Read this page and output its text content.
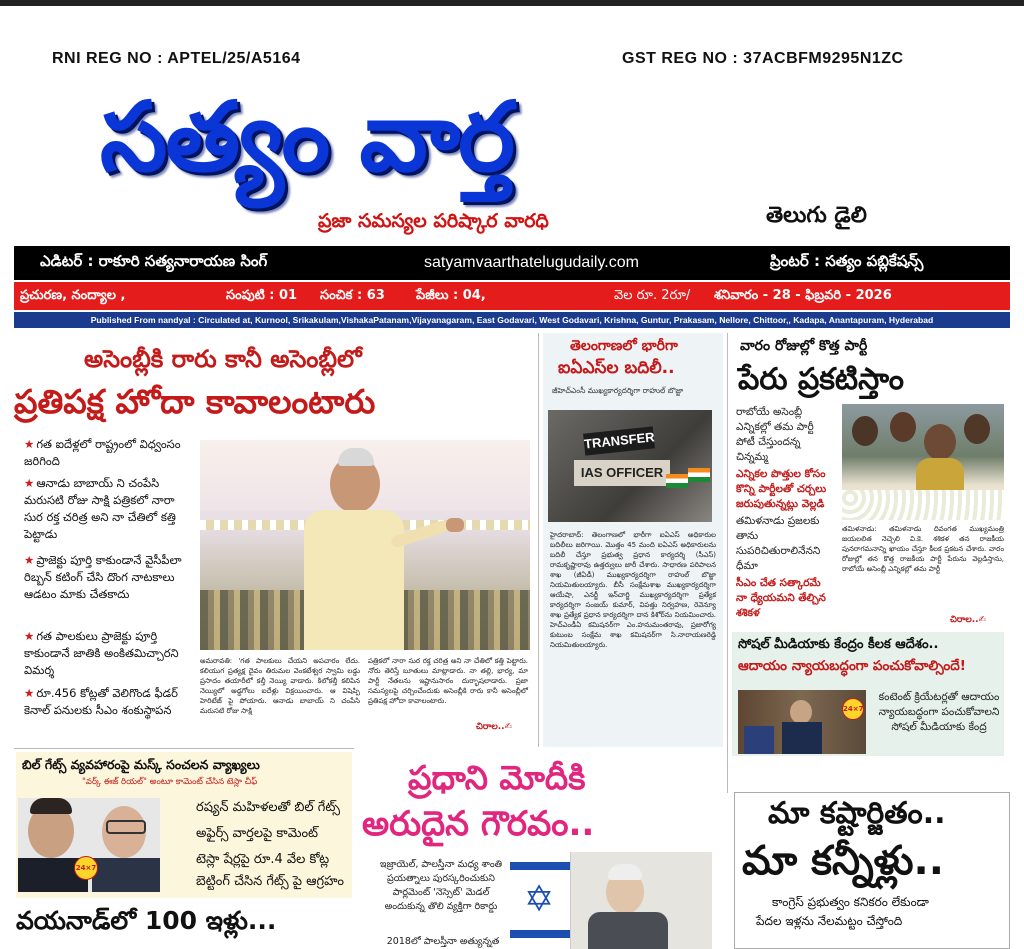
RNI REG NO : APTEL/25/A5164	GST REG NO : 37ACBFM9295N1ZC
సత్యం వార్త
ప్రజా సమస్యల పరిష్కార వారధి	తెలుగు డైలి
ఎడిటర్ : రాకూరి సత్యనారాయణ సింగ్	satyamvaarthatelugudaily.com	ప్రింటర్ : సత్యం పబ్లికేషన్స్
ప్రచురణ, నంద్యాల ,	సంపుటి : 01 సంచిక : 63 పేజీలు : 04,	వెల రూ. 2రూ/ శనివారం - 28 - ఫిబ్రవరి - 2026
Published From nandyal : Circulated at, Kurnool, Srikakulam,VishakaPatanam,Vijayanagaram, East Godavari, West Godavari, Krishna, Guntur, Prakasam, Nellore, Chittoor,, Kadapa, Anantapuram, Hyderabad
అసెంబ్లీకి రారు కానీ అసెంబ్లీలో
ప్రతిపక్ష హోదా కావాలంటారు
★ గత ఐదేళ్లలో రాష్ట్రంలో విధ్వంసం జరిగింది
★ ఆనాడు బాబాయ్ ని చంపేసి మరుసటి రోజు సాక్షి పత్రికలో నారా సుర రక్త చరిత్ర అని నా చేతిలో కత్తి పెట్టాడు
★ ప్రాజెక్టు పూర్తి కాకుండానే వైసీపీలా రిబ్బన్ కటింగ్ చేసి దొంగ నాటకాలు ఆడటం మాకు చేతకాదు
★ గత పాలకులు ప్రాజెక్టు పూర్తి కాకుండానే జాతికి అంకితమిచ్చారని విమర్శ
★ రూ.456 కోట్లతో వెలిగొండ ఫీడర్ కెనాల్ పనులకు సీఎం శంకుస్థాపన
అమరావతి: 'గత పాలకులు చేయని అపచారం లేదు. కలియుగ ప్రత్యక్ష దైవం తిరుమల వెంకటేశ్వర స్వామి లడ్డు ప్రసాదం తయారీలో కల్తీ నెయ్యి వాడారు. కిలోకల్తీ కలిపిన నెయ్యిలో అడ్డగోలు ఐదేళ్లు విక్రయించారు. ఆ విషెప్పి హెరిటేజ్ పై పోయారు. ఆనాడు బాబాయ్ ని చంపేసి మరుసటి రోజు సాక్షి
పత్రికలో నారా సుర రక్త చరిత్ర అని నా చేతిలో కత్తి పెట్టారు. నోరు తెరిస్తే బూతులు మాట్లాడారు. నా తల్లి, భార్య, మా పార్టీ నేతలను ఇష్టానుసారం దుర్భాషలాడారు. ప్రజా సమస్యలపై చర్చించేందుకు అసెంబ్లీకి రారు కానీ అసెంబ్లీలో ప్రతిపక్ష హోదా కావాలంటారు.
చిరాల..✍
తెలంగాణలో భారీగా
ఐఏఎస్‌ల బదిలీ..
జీహెచ్ఎంసీ ముఖ్యకార్యదర్శిగా రాహుల్ బొజ్జా
TRANSFER
IAS OFFICER
హైదరాబాద్: తెలంగాణలో భారీగా ఐఏఎస్ అధికారుల బదిలీలు జరిగాయి. మొత్తం 45 మంది ఐఏఎస్ అధికారులను బదిలీ చేస్తూ ప్రభుత్వ ప్రధాన కార్యదర్శి (సీఎస్) రామకృష్ణారావు ఉత్తర్వులు జారీ చేశారు. సాధారణ పరిపాలన శాఖ (జీఏడీ) ముఖ్యకార్యదర్శిగా రాహుల్ బొజ్జా నియమితులయ్యారు. బీసీ సంక్షేమశాఖ ముఖ్యకార్యదర్శిగా ఆయేషా, ఎనర్జీ ఇన్‌చార్జి ముఖ్యకార్యదర్శిగా ప్రత్యేక కార్యదర్శిగా సంజయ్ కుమార్, విపత్తు నిర్వహణ, రెవెన్యూ శాఖ ప్రత్యేక ప్రధాన కార్యదర్శిగా దాన కిశోర్‌ను నియమించారు. హెచ్ఎండీఏ కమిషనర్‌గా ఎం.హనుమంతరావు, ప్రజారోగ్య కుటుంబ సంక్షేమ శాఖ కమిషనర్‌గా సి.నారాయణరెడ్డి నియమితులయ్యారు.
వారం రోజుల్లో కొత్త పార్టీ
పేరు ప్రకటిస్తాం
రాబోయే అసెంబ్లీ ఎన్నికల్లో తమ పార్టీ పోటీ చేస్తుందన్న చిన్నమ్మ
ఎన్నికల పొత్తుల కోసం కొన్ని పార్టీలతో చర్చలు జరుపుతున్నట్లు వెల్లడి
తమిళనాడు ప్రజలకు తాను సుపరిచితురాలినేనని ధీమా
సీఎం చేత సత్కారమే నా ధ్యేయమని తేల్చిన శశికళ
తమిళనాడు: తమిళనాడు దివంగత ముఖ్యమంత్రి జయలలిత నెచ్చెలి వి.కె. శశికళ తన రాజకీయ పునరాగమనాన్ని ఖాయం చేస్తూ కీలక ప్రకటన చేశారు. వారం రోజుల్లో తన కొత్త రాజకీయ పార్టీ పేరును వెల్లడిస్తాను, రాబోయే అసెంబ్లీ ఎన్నికల్లో తమ పార్టీ
చిరాల..✍
సోషల్ మీడియాకు కేంద్రం కీలక ఆదేశం..
ఆదాయం న్యాయబద్ధంగా పంచుకోవాల్సిందే!
24×7
కంటెంట్ క్రియేటర్లతో ఆదాయం న్యాయబద్ధంగా పంచుకోవాలని సోషల్ మీడియాకు కేంద్ర
బిల్ గేట్స్ వ్యవహారంపై మస్క్ సంచలన వ్యాఖ్యలు
"వర్క్ ఈజ్ రియల్" అంటూ కామెంట్ చేసిన టెస్లా చీఫ్
24×7
రష్యన్ మహిళలతో బిల్ గేట్స్
అఫైర్స్ వార్తలపై కామెంట్
టెస్లా షేర్లపై రూ.4 వేల కోట్ల
బెట్టింగ్ చేసిన గేట్స్ పై ఆగ్రహం
వయనాడ్‌లో 100 ఇళ్లు...
ప్రధాని మోదీకి
అరుదైన గౌరవం..
ఇజ్రాయెల్, పాలస్తీనా మధ్య శాంతి ప్రయత్నాలు పురస్కరించుకుని పార్లమెంట్ 'నెస్సెట్' మెడల్ అందుకున్న తొలి వ్యక్తిగా రికార్డు
2018లో పాలస్తీనా అత్యున్నత
✡
మా కష్టార్జితం..
మా కన్నీళ్లు..
కాంగ్రెస్ ప్రభుత్వం కనికరం లేకుండా
పేదల ఇళ్లను నేలమట్టం చేస్తోంది
